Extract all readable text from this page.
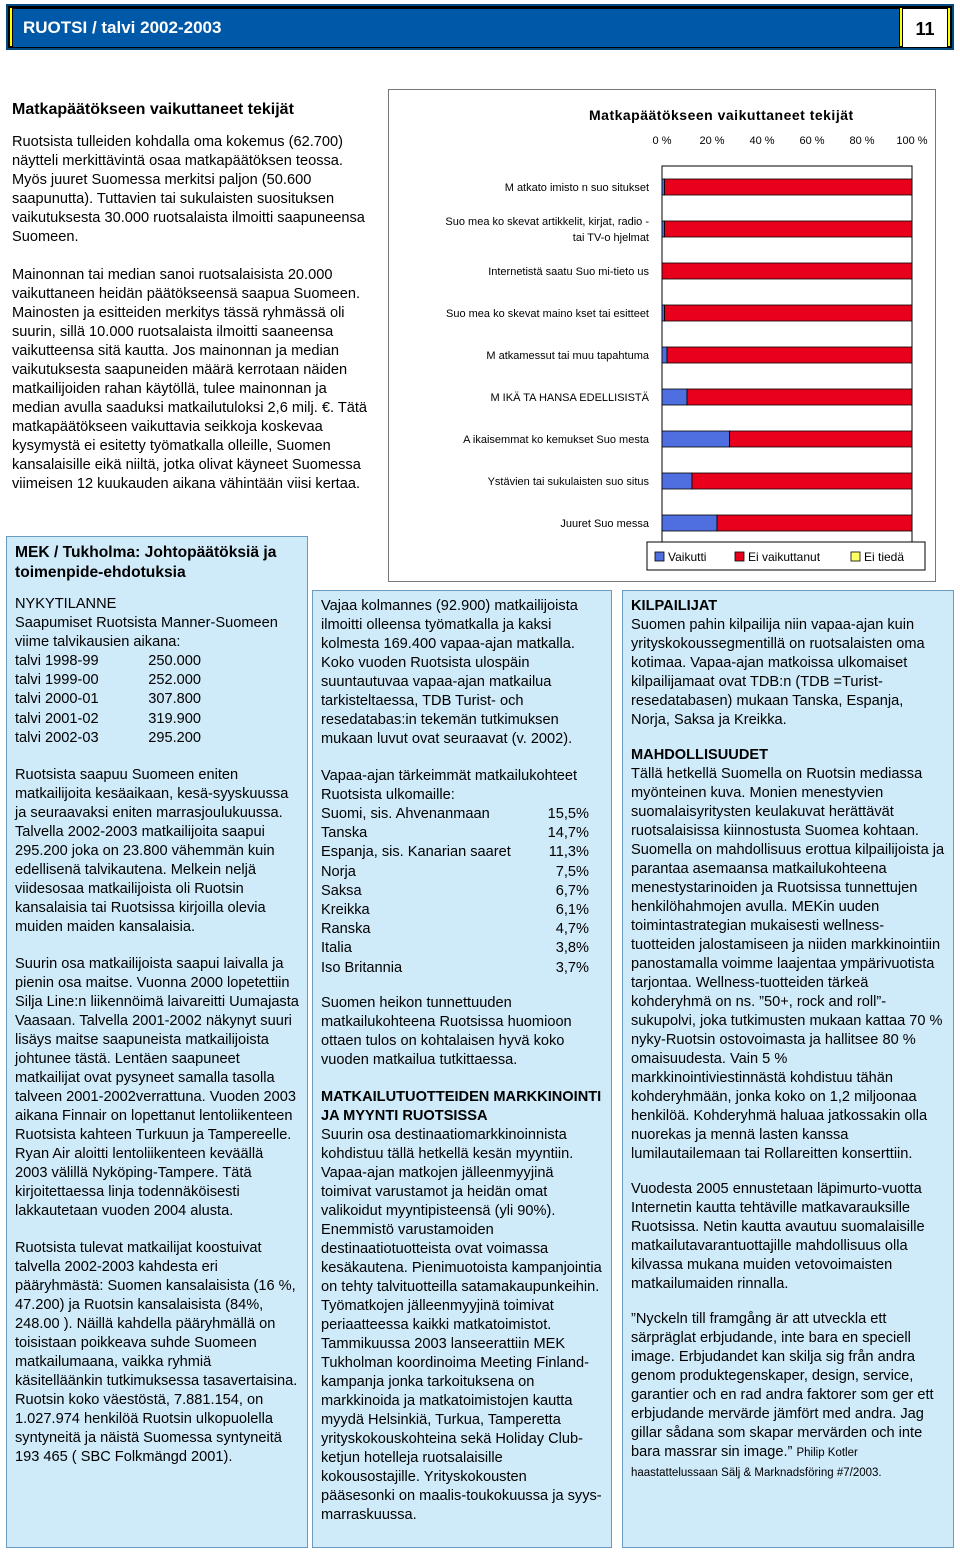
RUOTSI / talvi 2002-2003	11
Matkapäätökseen vaikuttaneet tekijät

Ruotsista tulleiden kohdalla oma kokemus (62.700) näytteli merkittävintä osaa matkapäätöksen teossa. Myös juuret Suomessa merkitsi paljon (50.600 saapunutta). Tuttavien tai sukulaisten suosituksen vaikutuksesta 30.000 ruotsalaista ilmoitti saapuneensa Suomeen.

Mainonnan tai median sanoi ruotsalaisista 20.000 vaikuttaneen heidän päätökseensä saapua Suomeen. Mainosten ja esitteiden merkitys tässä ryhmässä oli suurin, sillä 10.000 ruotsalaista ilmoitti saaneensa vaikutteensa sitä kautta. Jos mainonnan ja median vaikutuksesta saapuneiden määrä kerrotaan näiden matkailijoiden rahan käytöllä, tulee mainonnan ja median avulla saaduksi matkailutuloksi 2,6 milj. €. Tätä matkapäätökseen vaikuttavia seikkoja koskevaa kysymystä ei esitetty työmatkalla olleille, Suomen kansalaisille eikä niiltä, jotka olivat käyneet Suomessa viimeisen 12 kuukauden aikana vähintään viisi kertaa.

Matkapäätökseen vaikuttaneet tekijät
0 %	20 % 40 % 60 % 80 % 100 %
M atkato imisto n suo situkset
Suo mea ko skevat artikkelit, kirjat, radio -
tai TV-o hjelmat
Internetistä saatu Suo mi-tieto us
Suo mea ko skevat maino kset tai esitteet
M atkamessut tai muu tapahtuma
M IKÄ TA HANSA EDELLISISTÄ
A ikaisemmat ko kemukset Suo mesta
Ystävien tai sukulaisten suo situs
Juuret Suo messa
Vaikutti	Ei vaikuttanut	Ei tiedä
MEK / Tukholma: Johtopäätöksiä ja toimenpide-ehdotuksia
NYKYTILANNE
Saapumiset Ruotsista Manner-Suomeen viime talvikausien aikana:
talvi 1998-99	250.000
talvi 1999-00	252.000
talvi 2000-01	307.800
talvi 2001-02	319.900
talvi 2002-03	295.200

Ruotsista saapuu Suomeen eniten matkailijoita kesäaikaan, kesä-syyskuussa ja seuraavaksi eniten marrasjoulukuussa. Talvella 2002-2003 matkailijoita saapui 295.200 joka on 23.800 vähemmän kuin edellisenä talvikautena. Melkein neljä viidesosaa matkailijoista oli Ruotsin kansalaisia tai Ruotsissa kirjoilla olevia muiden maiden kansalaisia.

Suurin osa matkailijoista saapui laivalla ja pienin osa maitse. Vuonna 2000 lopetettiin Silja Line:n liikennöimä laivareitti Uumajasta Vaasaan. Talvella 2001-2002 näkynyt suuri lisäys maitse saapuneista matkailijoista johtunee tästä. Lentäen saapuneet matkailijat ovat pysyneet samalla tasolla talveen 2001-2002verrattuna. Vuoden 2003 aikana Finnair on lopettanut lentoliikenteen Ruotsista kahteen Turkuun ja Tampereelle. Ryan Air aloitti lentoliikenteen keväällä 2003 välillä Nyköping-Tampere. Tätä kirjoitettaessa linja todennäköisesti lakkautetaan vuoden 2004 alusta.

Ruotsista tulevat matkailijat koostuivat talvella 2002-2003 kahdesta eri pääryhmästä: Suomen kansalaisista (16 %, 47.200) ja Ruotsin kansalaisista (84%, 248.00 ). Näillä kahdella pääryhmällä on toisistaan poikkeava suhde Suomeen matkailumaana, vaikka ryhmiä käsitelläänkin tutkimuksessa tasavertaisina. Ruotsin koko väestöstä, 7.881.154, on 1.027.974 henkilöä Ruotsin ulkopuolella syntyneitä ja näistä Suomessa syntyneitä 193 465 ( SBC Folkmängd 2001).

Vajaa kolmannes (92.900) matkailijoista ilmoitti olleensa työmatkalla ja kaksi kolmesta 169.400 vapaa-ajan matkalla. Koko vuoden Ruotsista ulospäin suuntautuvaa vapaa-ajan matkailua tarkisteltaessa, TDB Turist- och resedatabas:in tekemän tutkimuksen mukaan luvut ovat seuraavat (v. 2002).

Vapaa-ajan tärkeimmät matkailukohteet Ruotsista ulkomaille:
Suomi, sis. Ahvenanmaan	15,5%
Tanska	14,7%
Espanja, sis. Kanarian saaret	11,3%
Norja	7,5%
Saksa	6,7%
Kreikka	6,1%
Ranska	4,7%
Italia	3,8%
Iso Britannia	3,7%

Suomen heikon tunnettuuden matkailukohteena Ruotsissa huomioon ottaen tulos on kohtalaisen hyvä koko vuoden matkailua tutkittaessa.

MATKAILUTUOTTEIDEN MARKKINOINTI JA MYYNTI RUOTSISSA

Suurin osa destinaatiomarkkinoinnista kohdistuu tällä hetkellä kesän myyntiin. Vapaa-ajan matkojen jälleenmyyjinä toimivat varustamot ja heidän omat valikoidut myyntipisteensä (yli 90%). Enemmistö varustamoiden destinaatiotuotteista ovat voimassa kesäkautena. Pienimuotoista kampanjointia on tehty talvituotteilla satamakaupunkeihin. Työmatkojen jälleenmyyjinä toimivat periaatteessa kaikki matkatoimistot. Tammikuussa 2003 lanseerattiin MEK Tukholman koordinoima Meeting Finland-kampanja jonka tarkoituksena on markkinoida ja matkatoimistojen kautta myydä Helsinkiä, Turkua, Tamperetta yrityskokouskohteina sekä Holiday Club-ketjun hotelleja ruotsalaisille kokousostajille. Yrityskokousten pääsesonki on maalis-toukokuussa ja syys-marraskuussa.

KILPAILIJAT

Suomen pahin kilpailija niin vapaa-ajan kuin yrityskokoussegmentillä on ruotsalaisten oma kotimaa. Vapaa-ajan matkoissa ulkomaiset kilpailijamaat ovat TDB:n (TDB =Turist-resedatabasen) mukaan Tanska, Espanja, Norja, Saksa ja Kreikka.

MAHDOLLISUUDET

Tällä hetkellä Suomella on Ruotsin mediassa myönteinen kuva. Monien menestyvien suomalaisyritysten keulakuvat herättävät ruotsalaisissa kiinnostusta Suomea kohtaan. Suomella on mahdollisuus erottua kilpailijoista ja parantaa asemaansa matkailukohteena menestystarinoiden ja Ruotsissa tunnettujen henkilöhahmojen avulla. MEKin uuden toimintastrategian mukaisesti wellness-tuotteiden jalostamiseen ja niiden markkinointiin panostamalla voimme laajentaa ympärivuotista tarjontaa. Wellness-tuotteiden tärkeä kohderyhmä on ns. ”50+, rock and roll”-sukupolvi, joka tutkimusten mukaan kattaa 70 % nyky-Ruotsin ostovoimasta ja hallitsee 80 % omaisuudesta. Vain 5 % markkinointiviestinnästä kohdistuu tähän kohderyhmään, jonka koko on 1,2 miljoonaa henkilöä. Kohderyhmä haluaa jatkossakin olla nuorekas ja mennä lasten kanssa lumilautailemaan tai Rollareitten konserttiin.

Vuodesta 2005 ennustetaan läpimurto-vuotta Internetin kautta tehtäville matkavarauksille Ruotsissa. Netin kautta avautuu suomalaisille matkailutavarantuottajille mahdollisuus olla kilvassa mukana muiden vetovoimaisten matkailumaiden rinnalla.

”Nyckeln till framgång är att utveckla ett särpräglat erbjudande, inte bara en speciell image. Erbjudandet kan skilja sig från andra genom produktegenskaper, design, service, garantier och en rad andra faktorer som ger ett erbjudande mervärde jämfört med andra. Jag gillar sådana som skapar mervärden och inte bara massrar sin image.” Philip Kotler haastattelussaan Sälj & Marknadsföring #7/2003.
